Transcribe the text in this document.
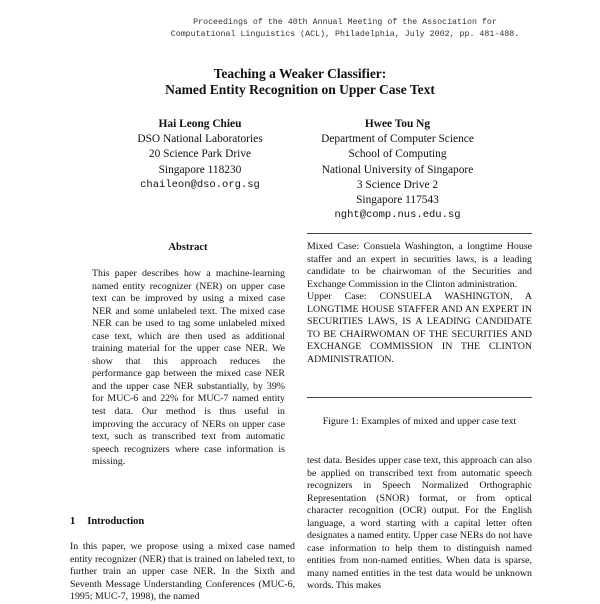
Proceedings of the 40th Annual Meeting of the Association for
Computational Linguistics (ACL), Philadelphia, July 2002, pp. 481-488.
Teaching a Weaker Classifier:
Named Entity Recognition on Upper Case Text
Hai Leong Chieu
DSO National Laboratories
20 Science Park Drive
Singapore 118230
chaileon@dso.org.sg
Hwee Tou Ng
Department of Computer Science
School of Computing
National University of Singapore
3 Science Drive 2
Singapore 117543
nght@comp.nus.edu.sg
Abstract
This paper describes how a machine-learning named entity recognizer (NER) on upper case text can be improved by using a mixed case NER and some unlabeled text. The mixed case NER can be used to tag some unlabeled mixed case text, which are then used as additional training material for the upper case NER. We show that this approach reduces the performance gap between the mixed case NER and the upper case NER substantially, by 39% for MUC-6 and 22% for MUC-7 named entity test data. Our method is thus useful in improving the accuracy of NERs on upper case text, such as transcribed text from automatic speech recognizers where case information is missing.
1 Introduction
In this paper, we propose using a mixed case named entity recognizer (NER) that is trained on labeled text, to further train an upper case NER. In the Sixth and Seventh Message Understanding Conferences (MUC-6, 1995; MUC-7, 1998), the named

Mixed Case: Consuela Washington, a longtime House staffer and an expert in securities laws, is a leading candidate to be chairwoman of the Securities and Exchange Commission in the Clinton administration.

Upper Case: CONSUELA WASHINGTON, A LONGTIME HOUSE STAFFER AND AN EXPERT IN SECURITIES LAWS, IS A LEADING CANDIDATE TO BE CHAIRWOMAN OF THE SECURITIES AND EXCHANGE COMMISSION IN THE CLINTON ADMINISTRATION.

Figure 1: Examples of mixed and upper case text
test data. Besides upper case text, this approach can also be applied on transcribed text from automatic speech recognizers in Speech Normalized Orthographic Representation (SNOR) format, or from optical character recognition (OCR) output. For the English language, a word starting with a capital letter often designates a named entity. Upper case NERs do not have case information to help them to distinguish named entities from non-named entities. When data is sparse, many named entities in the test data would be unknown words. This makes
